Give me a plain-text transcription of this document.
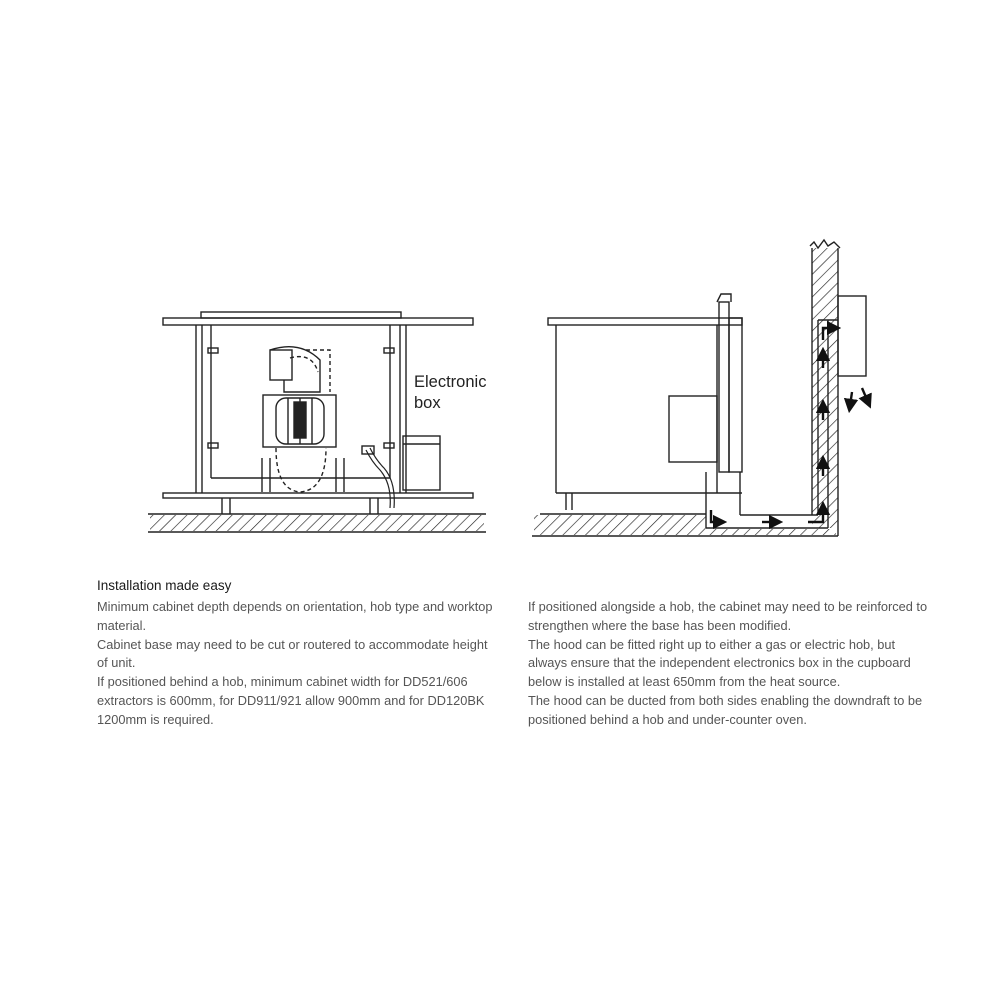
Electronic box
Installation made easy

Minimum cabinet depth depends on orientation, hob type and worktop material.

Cabinet base may need to be cut or routered to accommodate height of unit.

If positioned behind a hob, minimum cabinet width for DD521/606 extractors is 600mm, for DD911/921 allow 900mm and for DD120BK 1200mm is required.

If positioned alongside a hob, the cabinet may need to be reinforced to strengthen where the base has been modified.

The hood can be fitted right up to either a gas or electric hob, but always ensure that the independent electronics box in the cupboard below is installed at least 650mm from the heat source.

The hood can be ducted from both sides enabling the downdraft to be positioned behind a hob and under-counter oven.
